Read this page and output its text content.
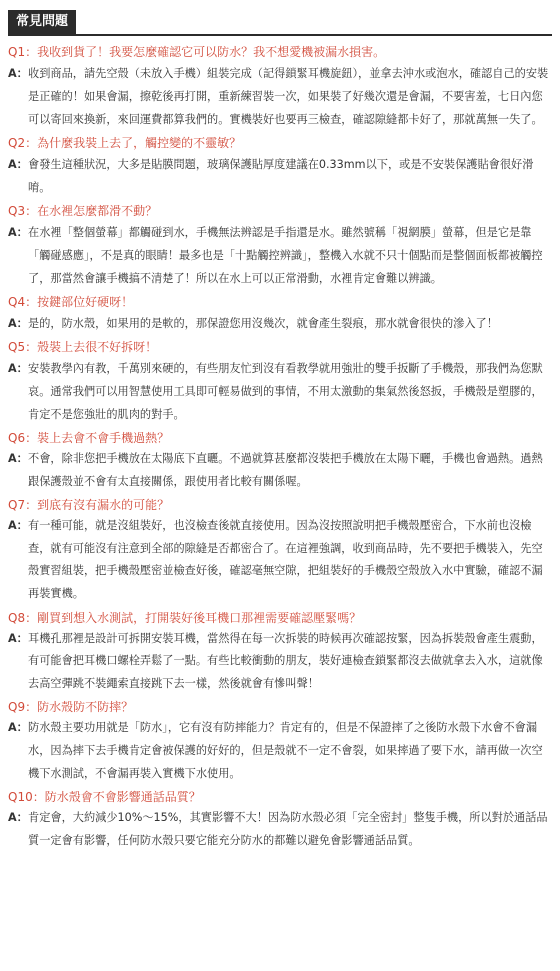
常見問題
Q1：我收到貨了！我要怎麼確認它可以防水？我不想愛機被漏水損害。
A： 收到商品，請先空殼（未放入手機）組裝完成（記得鎖緊耳機旋鈕），並拿去沖水或泡水，確認自己的安裝是正確的！如果會漏，擦乾後再打開，重新練習裝一次，如果裝了好幾次還是會漏，不要害羞，七日內您可以寄回來換新，來回運費都算我們的。實機裝好也要再三檢查，確認隙縫都卡好了，那就萬無一失了。
Q2：為什麼我裝上去了，觸控變的不靈敏？
A： 會發生這種狀況，大多是貼膜問題，玻璃保護貼厚度建議在0.33mm以下，或是不安裝保護貼會很好滑唷。
Q3：在水裡怎麼都滑不動？
A： 在水裡「整個螢幕」都觸碰到水，手機無法辨認是手指還是水。雖然號稱「視網膜」螢幕，但是它是靠「觸碰感應」，不是真的眼睛！最多也是「十點觸控辨識」，整機入水就不只十個點而是整個面板都被觸控了，那當然會讓手機搞不清楚了！所以在水上可以正常滑動，水裡肯定會難以辨識。
Q4：按鍵部位好硬呀！
A： 是的，防水殼，如果用的是軟的，那保證您用沒幾次，就會產生裂痕，那水就會很快的滲入了！
Q5：殼裝上去很不好拆呀！
A： 安裝教學內有教，千萬別來硬的，有些朋友忙到沒有看教學就用強壯的雙手扳斷了手機殼，那我們為您默哀。通常我們可以用智慧使用工具即可輕易做到的事情，不用太激動的集氣然後怒扳，手機殼是塑膠的，肯定不是您強壯的肌肉的對手。
Q6：裝上去會不會手機過熱？
A： 不會，除非您把手機放在太陽底下直曬。不過就算甚麼都沒裝把手機放在太陽下曬，手機也會過熱。過熱跟保護殼並不會有太直接關係，跟使用者比較有關係喔。
Q7：到底有沒有漏水的可能？
A： 有一種可能，就是沒組裝好，也沒檢查後就直接使用。因為沒按照說明把手機殼壓密合，下水前也沒檢查，就有可能沒有注意到全部的隙縫是否都密合了。在這裡強調，收到商品時，先不要把手機裝入，先空殼實習組裝，把手機殼壓密並檢查好後，確認毫無空隙，把組裝好的手機殼空殼放入水中實驗，確認不漏再裝實機。
Q8：剛買到想入水測試，打開裝好後耳機口那裡需要確認壓緊嗎？
A： 耳機孔那裡是設計可拆開安裝耳機，當然得在每一次拆裝的時候再次確認按緊，因為拆裝殼會產生震動，有可能會把耳機口螺栓弄鬆了一點。有些比較衝動的朋友，裝好連檢查鎖緊都沒去做就拿去入水，這就像去高空彈跳不裝繩索直接跳下去一樣，然後就會有慘叫聲！
Q9：防水殼防不防摔？
A： 防水殼主要功用就是「防水」，它有沒有防摔能力？肯定有的，但是不保證摔了之後防水殼下水會不會漏水，因為摔下去手機肯定會被保護的好好的，但是殼就不一定不會裂，如果摔過了要下水，請再做一次空機下水測試，不會漏再裝入實機下水使用。
Q10：防水殼會不會影響通話品質？
A： 肯定會，大約減少10%～15%，其實影響不大！因為防水殼必須「完全密封」整隻手機，所以對於通話品質一定會有影響，任何防水殼只要它能充分防水的都難以避免會影響通話品質。
